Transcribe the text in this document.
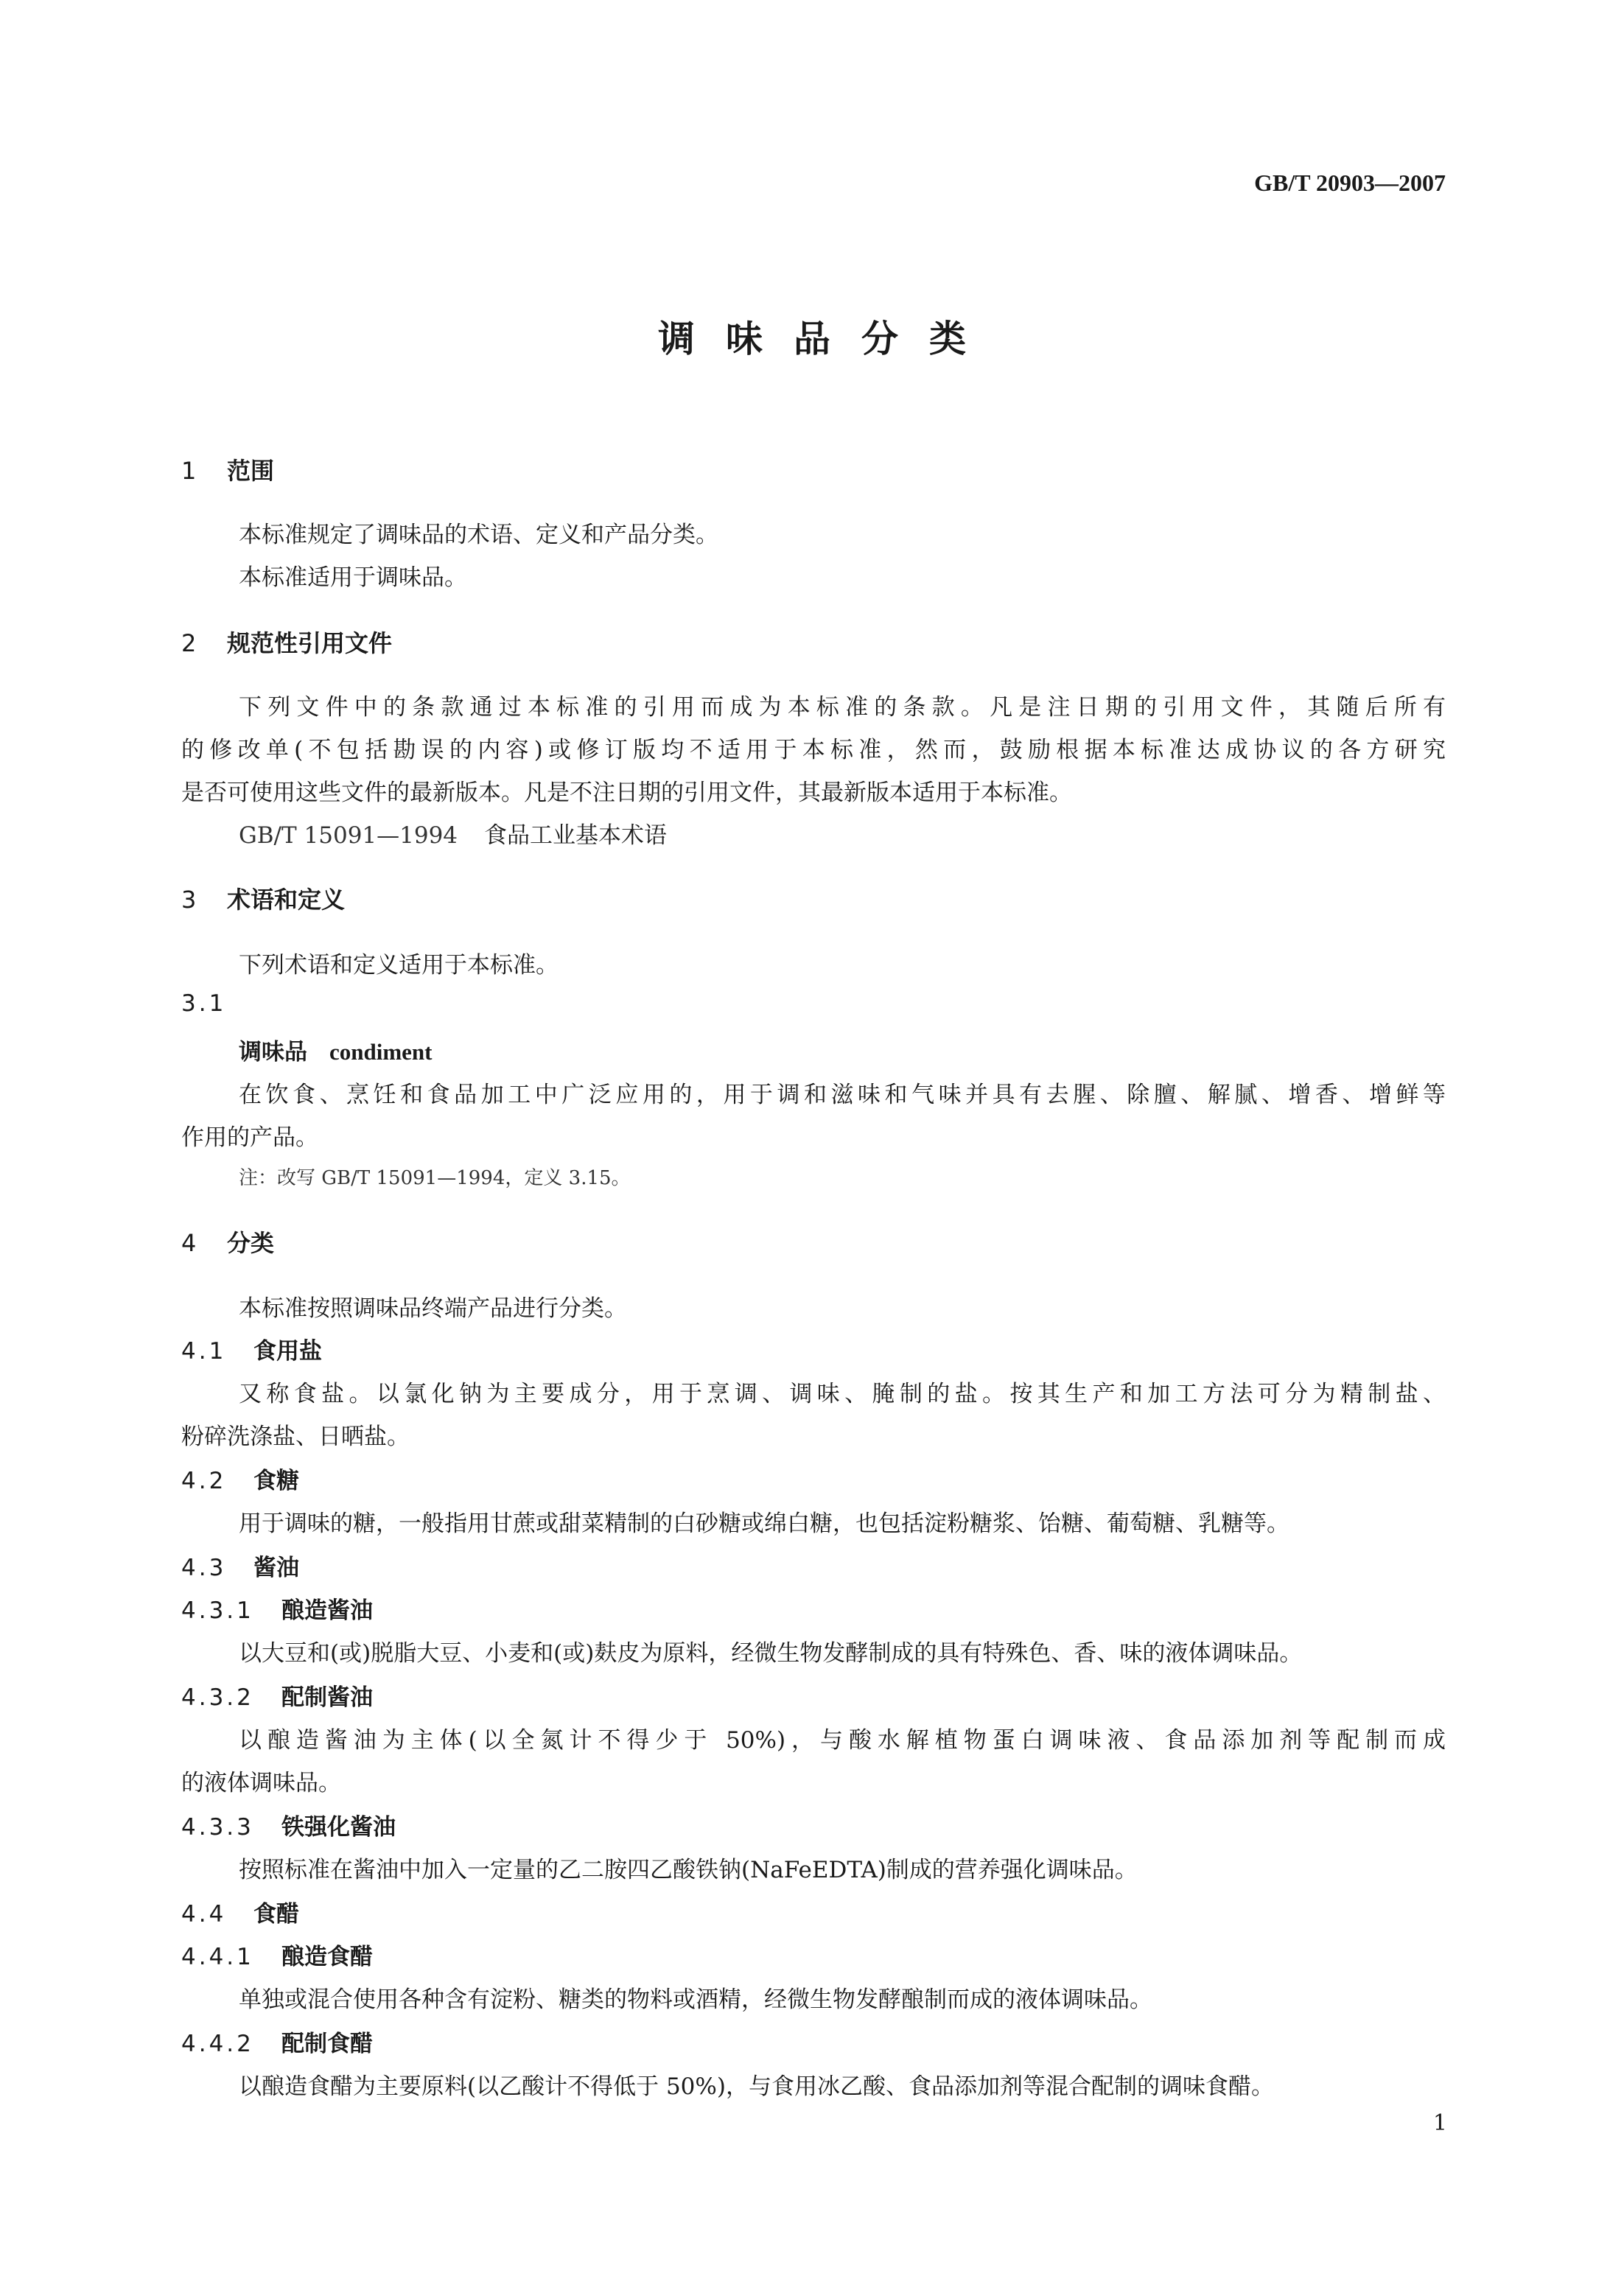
GB/T 20903—2007
调味品分类
1 范围
本标准规定了调味品的术语、定义和产品分类。
本标准适用于调味品。
2 规范性引用文件
下列文件中的条款通过本标准的引用而成为本标准的条款。凡是注日期的引用文件，其随后所有
的修改单(不包括勘误的内容)或修订版均不适用于本标准，然而，鼓励根据本标准达成协议的各方研究
是否可使用这些文件的最新版本。凡是不注日期的引用文件，其最新版本适用于本标准。
GB/T 15091—1994 食品工业基本术语
3 术语和定义
下列术语和定义适用于本标准。
3.1
调味品 condiment
在饮食、烹饪和食品加工中广泛应用的，用于调和滋味和气味并具有去腥、除膻、解腻、增香、增鲜等
作用的产品。
注：改写 GB/T 15091—1994，定义 3.15。
4 分类
本标准按照调味品终端产品进行分类。
4.1 食用盐
又称食盐。以氯化钠为主要成分，用于烹调、调味、腌制的盐。按其生产和加工方法可分为精制盐、
粉碎洗涤盐、日晒盐。
4.2 食糖
用于调味的糖，一般指用甘蔗或甜菜精制的白砂糖或绵白糖，也包括淀粉糖浆、饴糖、葡萄糖、乳糖等。
4.3 酱油
4.3.1 酿造酱油
以大豆和(或)脱脂大豆、小麦和(或)麸皮为原料，经微生物发酵制成的具有特殊色、香、味的液体调味品。
4.3.2 配制酱油
以酿造酱油为主体(以全氮计不得少于 50%)，与酸水解植物蛋白调味液、食品添加剂等配制而成
的液体调味品。
4.3.3 铁强化酱油
按照标准在酱油中加入一定量的乙二胺四乙酸铁钠(NaFeEDTA)制成的营养强化调味品。
4.4 食醋
4.4.1 酿造食醋
单独或混合使用各种含有淀粉、糖类的物料或酒精，经微生物发酵酿制而成的液体调味品。
4.4.2 配制食醋
以酿造食醋为主要原料(以乙酸计不得低于 50%)，与食用冰乙酸、食品添加剂等混合配制的调味食醋。
1
